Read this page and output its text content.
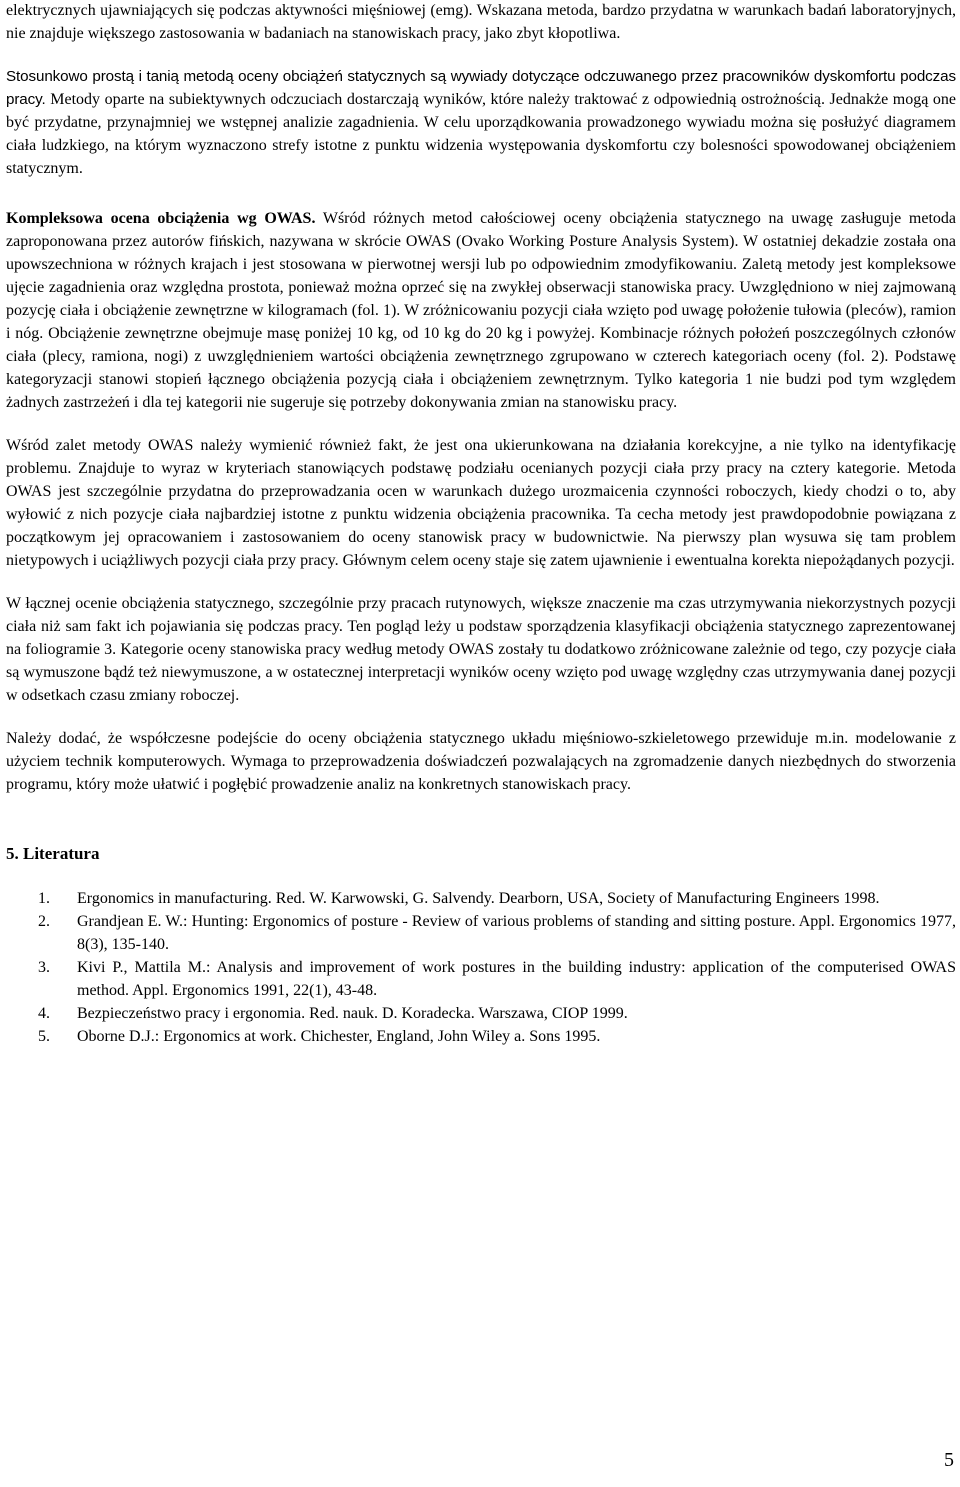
elektrycznych ujawniających się podczas aktywności mięśniowej (emg). Wskazana metoda, bardzo przydatna w warunkach badań laboratoryjnych, nie znajduje większego zastosowania w badaniach na stanowiskach pracy, jako zbyt kłopotliwa.

Stosunkowo prostą i tanią metodą oceny obciążeń statycznych są wywiady dotyczące odczuwanego przez pracowników dyskomfortu podczas pracy. Metody oparte na subiektywnych odczuciach dostarczają wyników, które należy traktować z odpowiednią ostrożnością. Jednakże mogą one być przydatne, przynajmniej we wstępnej analizie zagadnienia. W celu uporządkowania prowadzonego wywiadu można się posłużyć diagramem ciała ludzkiego, na którym wyznaczono strefy istotne z punktu widzenia występowania dyskomfortu czy bolesności spowodowanej obciążeniem statycznym.

Kompleksowa ocena obciążenia wg OWAS. Wśród różnych metod całościowej oceny obciążenia statycznego na uwagę zasługuje metoda zaproponowana przez autorów fińskich, nazywana w skrócie OWAS (Ovako Working Posture Analysis System). W ostatniej dekadzie została ona upowszechniona w różnych krajach i jest stosowana w pierwotnej wersji lub po odpowiednim zmodyfikowaniu. Zaletą metody jest kompleksowe ujęcie zagadnienia oraz względna prostota, ponieważ można oprzeć się na zwykłej obserwacji stanowiska pracy. Uwzględniono w niej zajmowaną pozycję ciała i obciążenie zewnętrzne w kilogramach (fol. 1). W zróżnicowaniu pozycji ciała wzięto pod uwagę położenie tułowia (pleców), ramion i nóg. Obciążenie zewnętrzne obejmuje masę poniżej 10 kg, od 10 kg do 20 kg i powyżej. Kombinacje różnych położeń poszczególnych członów ciała (plecy, ramiona, nogi) z uwzględnieniem wartości obciążenia zewnętrznego zgrupowano w czterech kategoriach oceny (fol. 2). Podstawę kategoryzacji stanowi stopień łącznego obciążenia pozycją ciała i obciążeniem zewnętrznym. Tylko kategoria 1 nie budzi pod tym względem żadnych zastrzeżeń i dla tej kategorii nie sugeruje się potrzeby dokonywania zmian na stanowisku pracy.

Wśród zalet metody OWAS należy wymienić również fakt, że jest ona ukierunkowana na działania korekcyjne, a nie tylko na identyfikację problemu. Znajduje to wyraz w kryteriach stanowiących podstawę podziału ocenianych pozycji ciała przy pracy na cztery kategorie. Metoda OWAS jest szczególnie przydatna do przeprowadzania ocen w warunkach dużego urozmaicenia czynności roboczych, kiedy chodzi o to, aby wyłowić z nich pozycje ciała najbardziej istotne z punktu widzenia obciążenia pracownika. Ta cecha metody jest prawdopodobnie powiązana z początkowym jej opracowaniem i zastosowaniem do oceny stanowisk pracy w budownictwie. Na pierwszy plan wysuwa się tam problem nietypowych i uciążliwych pozycji ciała przy pracy. Głównym celem oceny staje się zatem ujawnienie i ewentualna korekta niepożądanych pozycji.

W łącznej ocenie obciążenia statycznego, szczególnie przy pracach rutynowych, większe znaczenie ma czas utrzymywania niekorzystnych pozycji ciała niż sam fakt ich pojawiania się podczas pracy. Ten pogląd leży u podstaw sporządzenia klasyfikacji obciążenia statycznego zaprezentowanej na foliogramie 3. Kategorie oceny stanowiska pracy według metody OWAS zostały tu dodatkowo zróżnicowane zależnie od tego, czy pozycje ciała są wymuszone bądź też niewymuszone, a w ostatecznej interpretacji wyników oceny wzięto pod uwagę względny czas utrzymywania danej pozycji w odsetkach czasu zmiany roboczej.

Należy dodać, że współczesne podejście do oceny obciążenia statycznego układu mięśniowo-szkieletowego przewiduje m.in. modelowanie z użyciem technik komputerowych. Wymaga to przeprowadzenia doświadczeń pozwalających na zgromadzenie danych niezbędnych do stworzenia programu, który może ułatwić i pogłębić prowadzenie analiz na konkretnych stanowiskach pracy.

5. Literatura
1. Ergonomics in manufacturing. Red. W. Karwowski, G. Salvendy. Dearborn, USA, Society of Manufacturing Engineers 1998.
2. Grandjean E. W.: Hunting: Ergonomics of posture - Review of various problems of standing and sitting posture. Appl. Ergonomics 1977, 8(3), 135-140.
3. Kivi P., Mattila M.: Analysis and improvement of work postures in the building industry: application of the computerised OWAS method. Appl. Ergonomics 1991, 22(1), 43-48.
4. Bezpieczeństwo pracy i ergonomia. Red. nauk. D. Koradecka. Warszawa, CIOP 1999.
5. Oborne D.J.: Ergonomics at work. Chichester, England, John Wiley a. Sons 1995.
5
